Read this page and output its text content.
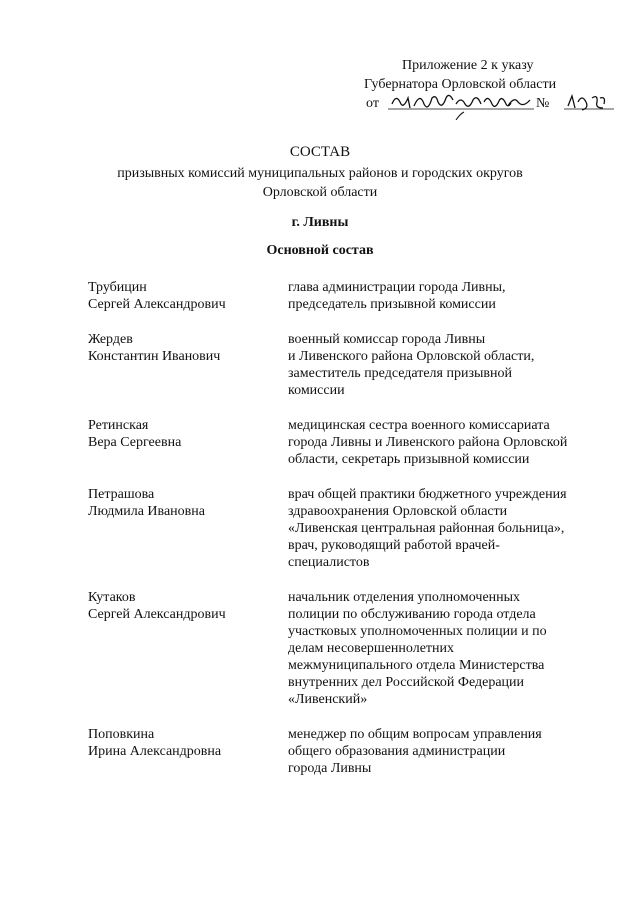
Приложение 2 к указу
Губернатора Орловской области
от	№
СОСТАВ
призывных комиссий муниципальных районов и городских округов
Орловской области
г. Ливны
Основной состав
Трубицин
Сергей Александрович
глава администрации города Ливны,
председатель призывной комиссии
Жердев
Константин Иванович
военный комиссар города Ливны
и Ливенского района Орловской области,
заместитель председателя призывной
комиссии
Ретинская
Вера Сергеевна
медицинская сестра военного комиссариата
города Ливны и Ливенского района Орловской
области, секретарь призывной комиссии
Петрашова
Людмила Ивановна
врач общей практики бюджетного учреждения
здравоохранения Орловской области
«Ливенская центральная районная больница»,
врач, руководящий работой врачей-
специалистов
Кутаков
Сергей Александрович
начальник отделения уполномоченных
полиции по обслуживанию города отдела
участковых уполномоченных полиции и по
делам несовершеннолетних
межмуниципального отдела Министерства
внутренних дел Российской Федерации
«Ливенский»
Поповкина
Ирина Александровна
менеджер по общим вопросам управления
общего образования администрации
города Ливны
